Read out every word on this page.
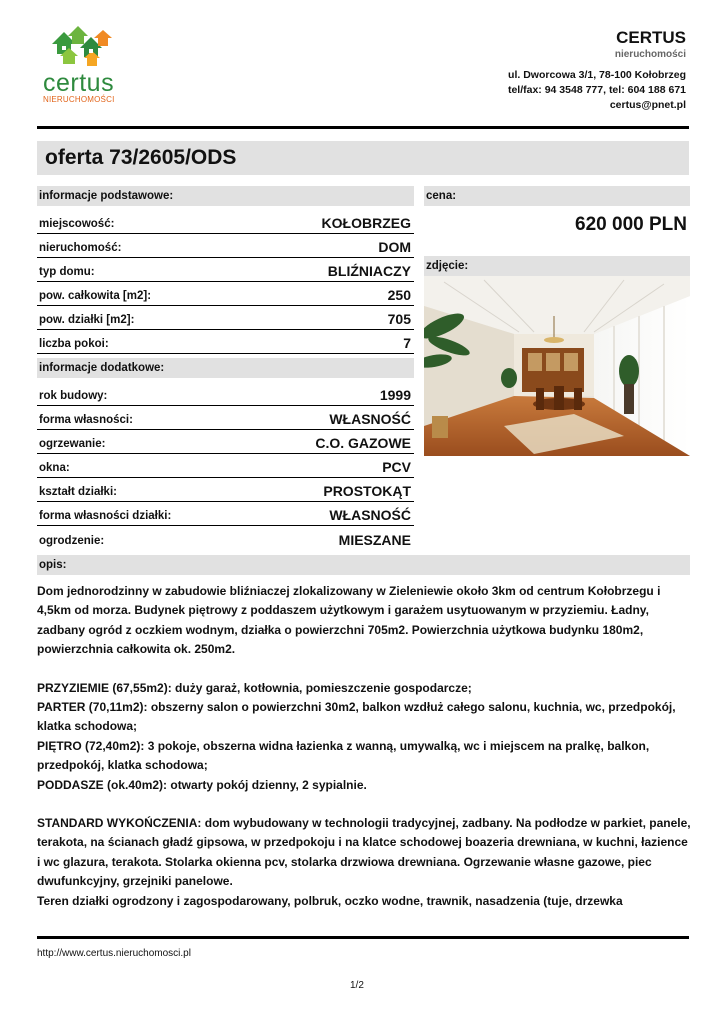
certus
NIERUCHOMOŚCI
CERTUS
nieruchomości
ul. Dworcowa 3/1, 78-100 Kołobrzeg
tel/fax: 94 3548 777, tel: 604 188 671
certus@pnet.pl
oferta 73/2605/ODS
informacje podstawowe:
miejscowość:	KOŁOBRZEG
nieruchomość:	DOM
typ domu:	BLIŹNIACZY
pow. całkowita [m2]:	250
pow. działki [m2]:	705
liczba pokoi:	7
informacje dodatkowe:
rok budowy:	1999
forma własności:	WŁASNOŚĆ
ogrzewanie:	C.O. GAZOWE
okna:	PCV
kształt działki:	PROSTOKĄT
forma własności działki:	WŁASNOŚĆ
ogrodzenie:	MIESZANE
cena:
620 000 PLN
zdjęcie:
opis:

Dom jednorodzinny w zabudowie bliźniaczej zlokalizowany w Zieleniewie około 3km od centrum Kołobrzegu i 4,5km od morza. Budynek piętrowy z poddaszem użytkowym i garażem usytuowanym w przyziemiu. Ładny, zadbany ogród z oczkiem wodnym, działka o powierzchni 705m2. Powierzchnia użytkowa budynku 180m2, powierzchnia całkowita ok. 250m2.

PRZYZIEMIE (67,55m2): duży garaż, kotłownia, pomieszczenie gospodarcze;
PARTER (70,11m2): obszerny salon o powierzchni 30m2, balkon wzdłuż całego salonu, kuchnia, wc, przedpokój, klatka schodowa;
PIĘTRO (72,40m2): 3 pokoje, obszerna widna łazienka z wanną, umywalką, wc i miejscem na pralkę, balkon, przedpokój, klatka schodowa;
PODDASZE (ok.40m2): otwarty pokój dzienny, 2 sypialnie.

STANDARD WYKOŃCZENIA: dom wybudowany w technologii tradycyjnej, zadbany. Na podłodze w parkiet, panele, terakota, na ścianach gładź gipsowa, w przedpokoju i na klatce schodowej boazeria drewniana, w kuchni, łazience i wc glazura, terakota. Stolarka okienna pcv, stolarka drzwiowa drewniana. Ogrzewanie własne gazowe, piec dwufunkcyjny, grzejniki panelowe.
Teren działki ogrodzony i zagospodarowany, polbruk, oczko wodne, trawnik, nasadzenia (tuje, drzewka

http://www.certus.nieruchomosci.pl
1/2
